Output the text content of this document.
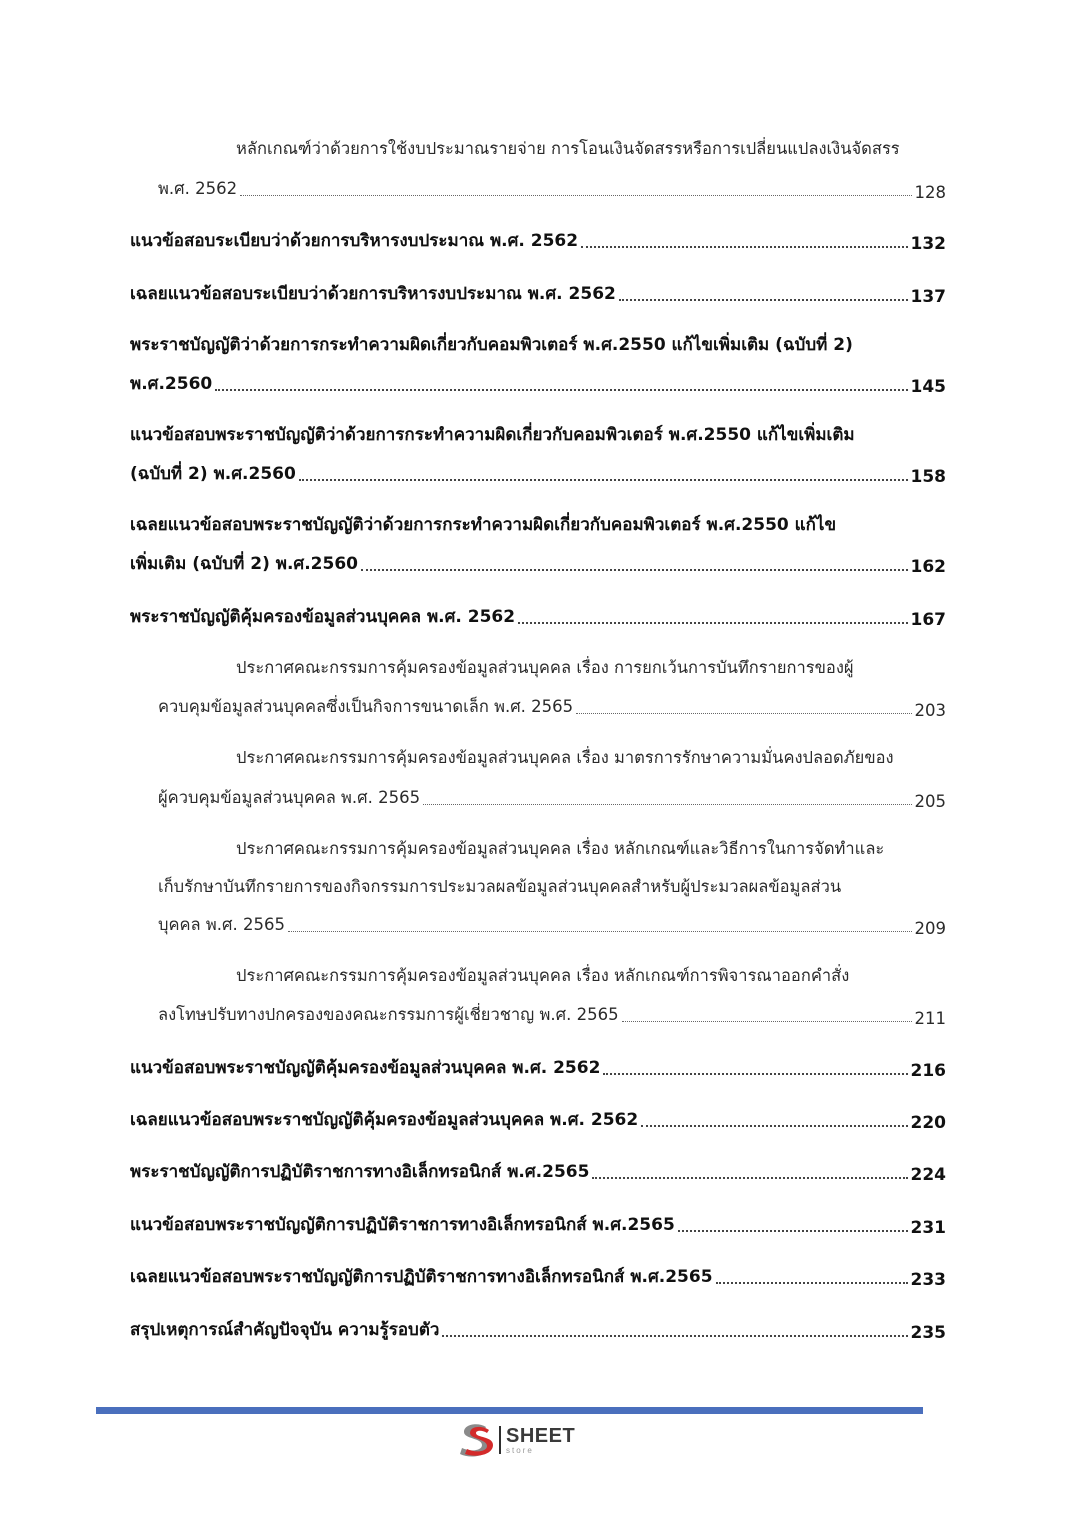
หลักเกณฑ์ว่าด้วยการใช้งบประมาณรายจ่าย การโอนเงินจัดสรรหรือการเปลี่ยนแปลงเงินจัดสรร
พ.ศ. 2562	128
แนวข้อสอบระเบียบว่าด้วยการบริหารงบประมาณ พ.ศ. 2562	132
เฉลยแนวข้อสอบระเบียบว่าด้วยการบริหารงบประมาณ พ.ศ. 2562	137
พระราชบัญญัติว่าด้วยการกระทำความผิดเกี่ยวกับคอมพิวเตอร์ พ.ศ.2550 แก้ไขเพิ่มเติม (ฉบับที่ 2)
พ.ศ.2560	145
แนวข้อสอบพระราชบัญญัติว่าด้วยการกระทำความผิดเกี่ยวกับคอมพิวเตอร์ พ.ศ.2550 แก้ไขเพิ่มเติม
(ฉบับที่ 2) พ.ศ.2560	158
เฉลยแนวข้อสอบพระราชบัญญัติว่าด้วยการกระทำความผิดเกี่ยวกับคอมพิวเตอร์ พ.ศ.2550 แก้ไข
เพิ่มเติม (ฉบับที่ 2) พ.ศ.2560	162
พระราชบัญญัติคุ้มครองข้อมูลส่วนบุคคล พ.ศ. 2562	167
ประกาศคณะกรรมการคุ้มครองข้อมูลส่วนบุคคล เรื่อง การยกเว้นการบันทึกรายการของผู้
ควบคุมข้อมูลส่วนบุคคลซึ่งเป็นกิจการขนาดเล็ก พ.ศ. 2565	203
ประกาศคณะกรรมการคุ้มครองข้อมูลส่วนบุคคล เรื่อง มาตรการรักษาความมั่นคงปลอดภัยของ
ผู้ควบคุมข้อมูลส่วนบุคคล พ.ศ. 2565	205
ประกาศคณะกรรมการคุ้มครองข้อมูลส่วนบุคคล เรื่อง หลักเกณฑ์และวิธีการในการจัดทำและ
เก็บรักษาบันทึกรายการของกิจกรรมการประมวลผลข้อมูลส่วนบุคคลสำหรับผู้ประมวลผลข้อมูลส่วน
บุคคล พ.ศ. 2565	209
ประกาศคณะกรรมการคุ้มครองข้อมูลส่วนบุคคล เรื่อง หลักเกณฑ์การพิจารณาออกคำสั่ง
ลงโทษปรับทางปกครองของคณะกรรมการผู้เชี่ยวชาญ พ.ศ. 2565	211
แนวข้อสอบพระราชบัญญัติคุ้มครองข้อมูลส่วนบุคคล พ.ศ. 2562	216
เฉลยแนวข้อสอบพระราชบัญญัติคุ้มครองข้อมูลส่วนบุคคล พ.ศ. 2562	220
พระราชบัญญัติการปฏิบัติราชการทางอิเล็กทรอนิกส์ พ.ศ.2565	224
แนวข้อสอบพระราชบัญญัติการปฏิบัติราชการทางอิเล็กทรอนิกส์ พ.ศ.2565	231
เฉลยแนวข้อสอบพระราชบัญญัติการปฏิบัติราชการทางอิเล็กทรอนิกส์ พ.ศ.2565	233
สรุปเหตุการณ์สำคัญปัจจุบัน ความรู้รอบตัว	235
SHEET
store
